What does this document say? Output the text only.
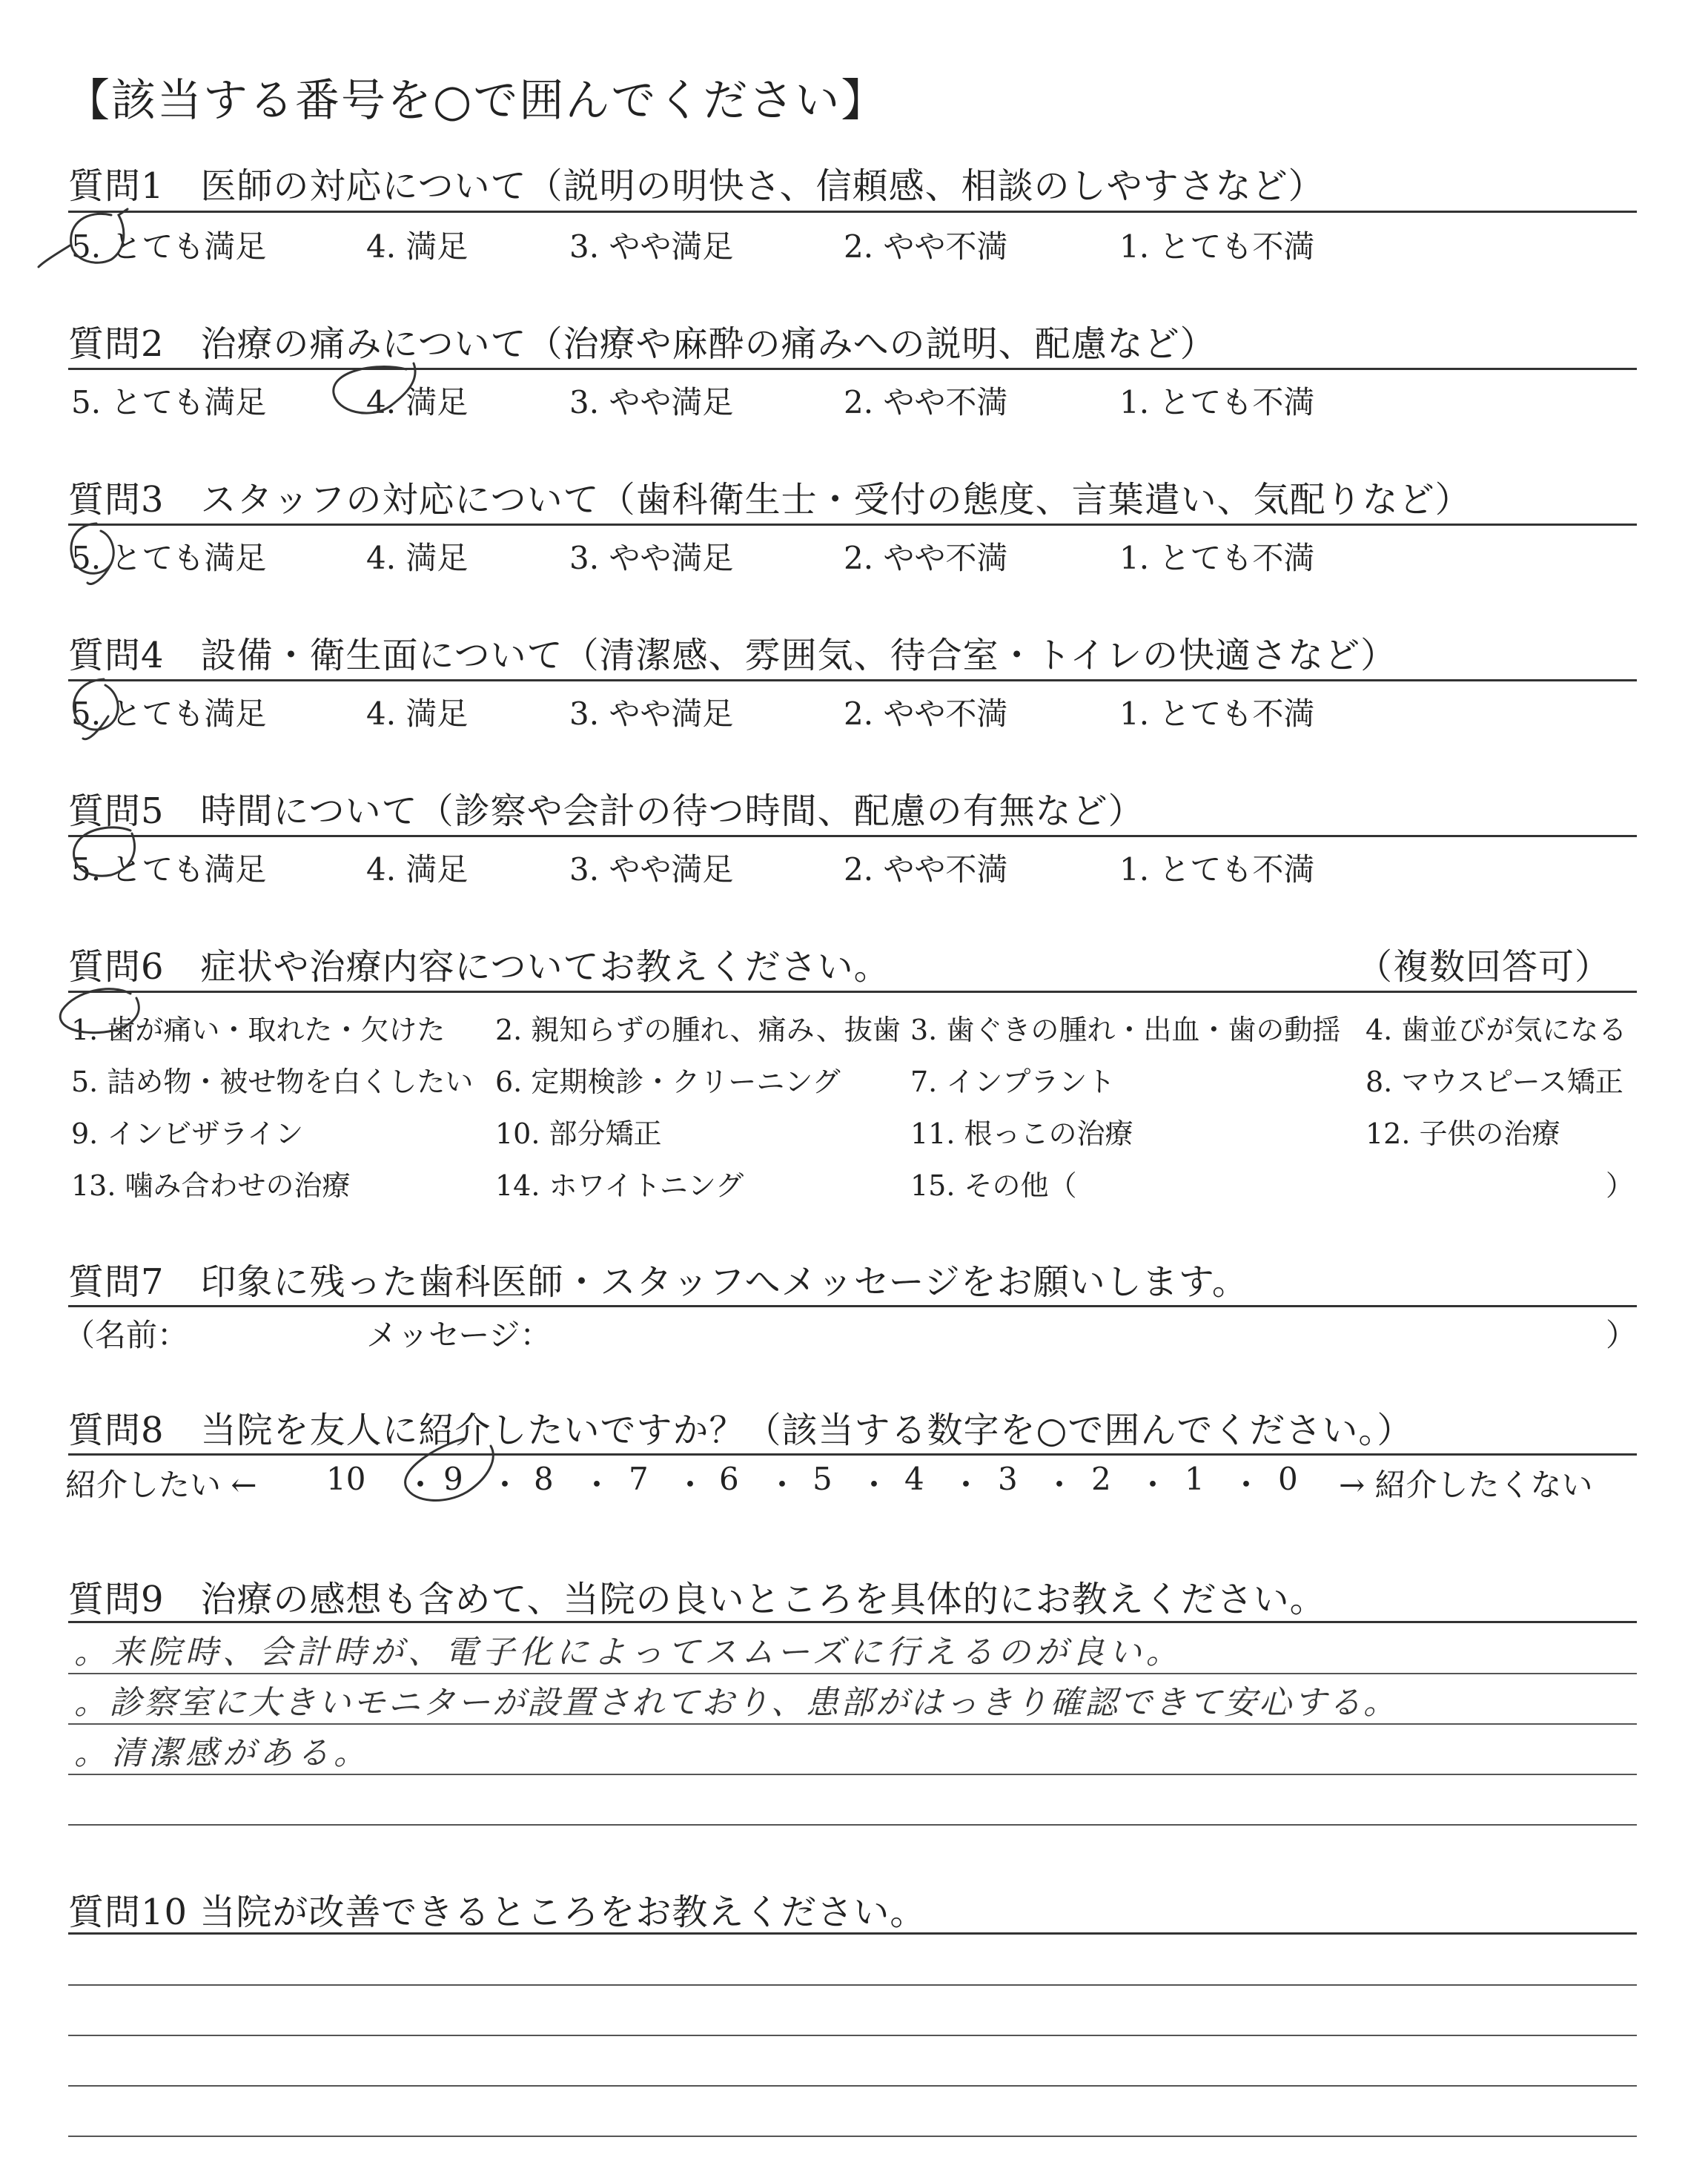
【該当する番号を○で囲んでください】
質問1　医師の対応について（説明の明快さ、信頼感、相談のしやすさなど）
5. とても満足	4. 満足	3. やや満足	2. やや不満	1. とても不満
質問2　治療の痛みについて（治療や麻酔の痛みへの説明、配慮など）
5. とても満足	4. 満足	3. やや満足	2. やや不満	1. とても不満
質問3　スタッフの対応について（歯科衛生士・受付の態度、言葉遣い、気配りなど）
5. とても満足	4. 満足	3. やや満足	2. やや不満	1. とても不満
質問4　設備・衛生面について（清潔感、雰囲気、待合室・トイレの快適さなど）
5. とても満足	4. 満足	3. やや満足	2. やや不満	1. とても不満
質問5　時間について（診察や会計の待つ時間、配慮の有無など）
5. とても満足	4. 満足	3. やや満足	2. やや不満	1. とても不満
質問6　症状や治療内容についてお教えください。	（複数回答可）
1. 歯が痛い・取れた・欠けた 2. 親知らずの腫れ、痛み、抜歯 3. 歯ぐきの腫れ・出血・歯の動揺 4. 歯並びが気になる
5. 詰め物・被せ物を白くしたい 6. 定期検診・クリーニング 7. インプラント	8. マウスピース矯正
9. インビザライン	10. 部分矯正	11. 根っこの治療	12. 子供の治療
13. 噛み合わせの治療	14. ホワイトニング	15. その他（	）
質問7　印象に残った歯科医師・スタッフへメッセージをお願いします。
（名前：	メッセージ：	）
質問8　当院を友人に紹介したいですか？（該当する数字を○で囲んでください。）
紹介したい ← 10 ・ 9 ・ 8 ・ 7 ・ 6 ・ 5 ・ 4 ・ 3 ・ 2 ・ 1 ・ 0 → 紹介したくない
質問9　治療の感想も含めて、当院の良いところを具体的にお教えください。
。来院時、会計時が、電子化によってスムーズに行えるのが良い。
。診察室に大きいモニターが設置されており、患部がはっきり確認できて安心する。
。清潔感がある。
質問10 当院が改善できるところをお教えください。
